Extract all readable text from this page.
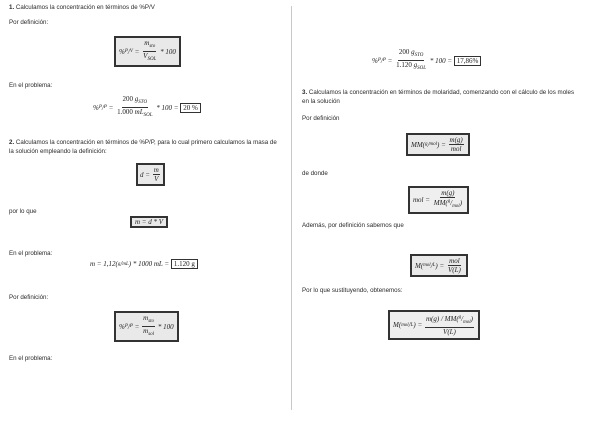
1. Calculamos la concentración en términos de %P/V
Por definición:
% $P / V = \frac{m_{sto}}{V_{SOL}} * 100$
En el problema:
% $P / P = \frac{200 g_{STO}}{1.000 mL_{SOL}} * 100 = 20$ %
2. Calculamos la concentración en términos de %P/P, para lo cual primero calculamos la masa de
la solución empleando la definición:
$d = \frac{m}{V}$
por lo que
m = d * V
En el problema:
m = 1,12 ( g / mL )
* 1000 mL = 1.120 g
Por definición:
% $P / P = \frac{m_{sto}}{m_{sol}} * 100$
En el problema:
% $P / P = \frac{200 g_{STO}}{1.120 g_{SOL}} * 100 = 17,86\%$
3. Calculamos la concentración en términos de molaridad, comenzando con el cálculo de los moles
en la solución
Por definición
MM ( g / mol ) = $\frac{m(g)}{\text{mol}}$
de donde
mol = $\frac{m(g)}{MM(^g/_{mol})}$
Además, por definición sabemos que
M ( mol / L ) = $\frac{\text{mol}}{V(L)}$
Por lo que sustituyendo, obtenemos:
M ( mol / L ) = $\frac{m(g) / MM(^g/_{mol})}{V(L)}$
